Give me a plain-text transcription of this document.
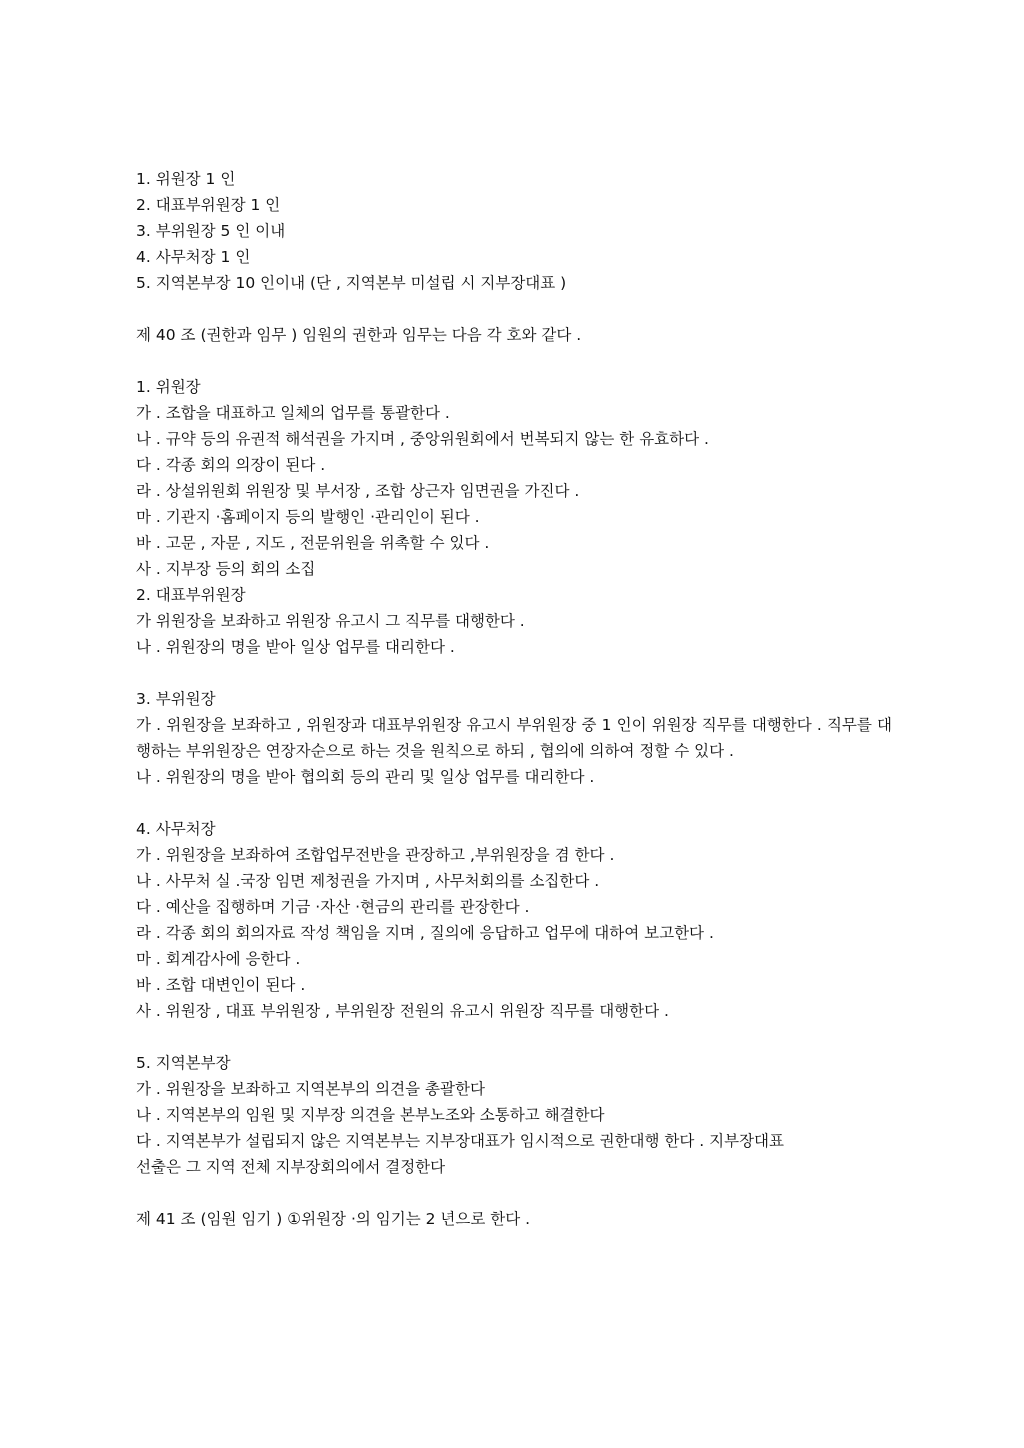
1. 위원장 1 인
2. 대표부위원장 1 인
3. 부위원장 5 인 이내
4. 사무처장 1 인
5. 지역본부장 10 인이내 (단 , 지역본부 미설립 시 지부장대표 )
제 40 조 (권한과 임무 ) 임원의 권한과 임무는 다음 각 호와 같다 .
1. 위원장
가 . 조합을 대표하고 일체의 업무를 통괄한다 .
나 . 규약 등의 유권적 해석권을 가지며 , 중앙위원회에서 번복되지 않는 한 유효하다 .
다 . 각종 회의 의장이 된다 .
라 . 상설위원회 위원장 및 부서장 , 조합 상근자 임면권을 가진다 .
마 . 기관지 ·홈페이지 등의 발행인 ·관리인이 된다 .
바 . 고문 , 자문 , 지도 , 전문위원을 위촉할 수 있다 .
사 . 지부장 등의 회의 소집
2. 대표부위원장
가 위원장을 보좌하고 위원장 유고시 그 직무를 대행한다 .
나 . 위원장의 명을 받아 일상 업무를 대리한다 .
3. 부위원장
가 . 위원장을 보좌하고 , 위원장과 대표부위원장 유고시 부위원장 중 1 인이 위원장 직무를 대행한다 . 직무를 대행하는 부위원장은 연장자순으로 하는 것을 원칙으로 하되 , 협의에 의하여 정할 수 있다 .
나 . 위원장의 명을 받아 협의회 등의 관리 및 일상 업무를 대리한다 .
4. 사무처장
가 . 위원장을 보좌하여 조합업무전반을 관장하고 ,부위원장을 겸 한다 .
나 . 사무처 실 .국장 임면 제청권을 가지며 , 사무처회의를 소집한다 .
다 . 예산을 집행하며 기금 ·자산 ·현금의 관리를 관장한다 .
라 . 각종 회의 회의자료 작성 책임을 지며 , 질의에 응답하고 업무에 대하여 보고한다 .
마 . 회계감사에 응한다 .
바 . 조합 대변인이 된다 .
사 . 위원장 , 대표 부위원장 , 부위원장 전원의 유고시 위원장 직무를 대행한다 .
5. 지역본부장
가 . 위원장을 보좌하고 지역본부의 의견을 총괄한다
나 . 지역본부의 임원 및 지부장 의견을 본부노조와 소통하고 해결한다
다 . 지역본부가 설립되지 않은 지역본부는 지부장대표가 임시적으로 권한대행 한다 . 지부장대표
선출은 그 지역 전체 지부장회의에서 결정한다
제 41 조 (임원 임기 ) ①위원장 ·의 임기는 2 년으로 한다 .
